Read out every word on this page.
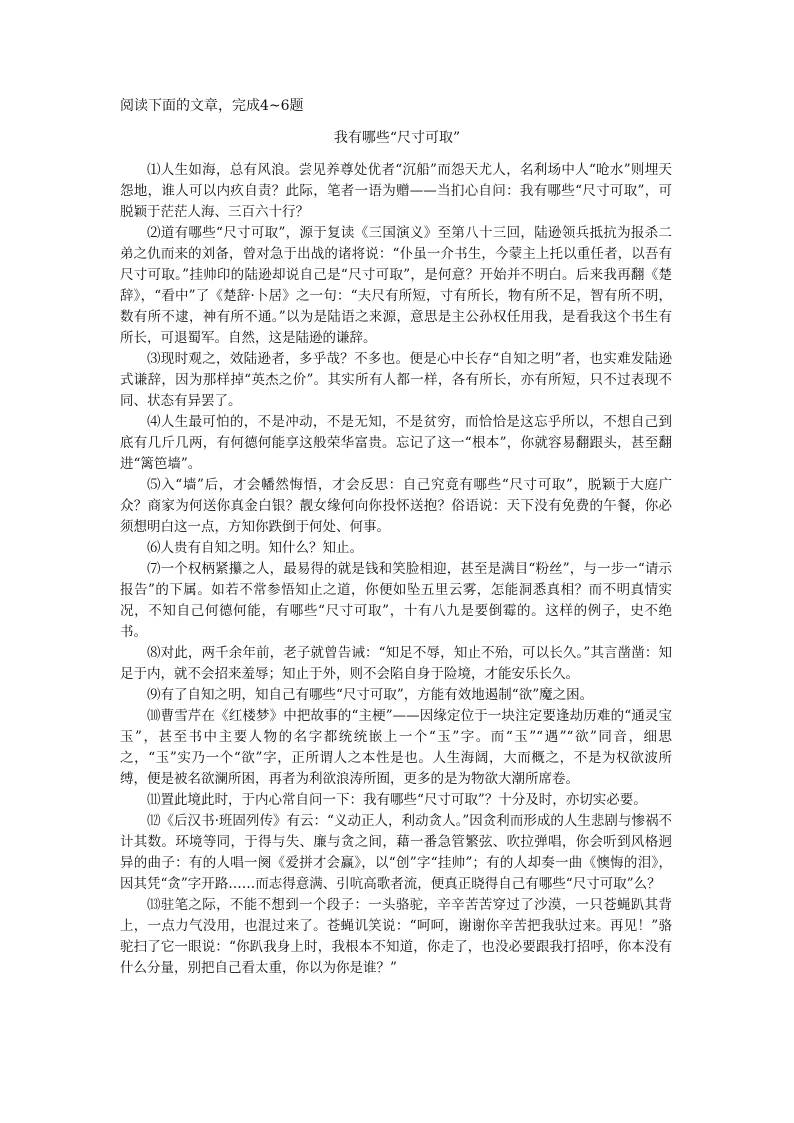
阅读下面的文章，完成4~6题
我有哪些“尺寸可取”

⑴人生如海，总有风浪。尝见养尊处优者“沉船”而怨天尤人，名利场中人“呛水”则埋天怨地，谁人可以内疚自责？此际，笔者一语为赠——当扪心自问：我有哪些“尺寸可取”，可脱颖于茫茫人海、三百六十行？

⑵道有哪些“尺寸可取”，源于复读《三国演义》至第八十三回，陆逊领兵抵抗为报杀二弟之仇而来的刘备，曾对急于出战的诸将说：“仆虽一介书生，今蒙主上托以重任者，以吾有尺寸可取。”挂帅印的陆逊却说自己是“尺寸可取”，是何意？开始并不明白。后来我再翻《楚辞》，“看中”了《楚辞·卜居》之一句：“夫尺有所短，寸有所长，物有所不足，智有所不明，数有所不逮，神有所不通。”以为是陆语之来源，意思是主公孙权任用我，是看我这个书生有所长，可退蜀军。自然，这是陆逊的谦辞。

⑶现时观之，效陆逊者，多乎哉？不多也。便是心中长存“自知之明”者，也实难发陆逊式谦辞，因为那样掉“英杰之价”。其实所有人都一样，各有所长，亦有所短，只不过表现不同、状态有异罢了。

⑷人生最可怕的，不是冲动，不是无知，不是贫穷，而恰恰是这忘乎所以，不想自己到底有几斤几两，有何德何能享这般荣华富贵。忘记了这一“根本”，你就容易翻跟头，甚至翻进“篱笆墙”。

⑸入“墙”后，才会幡然悔悟，才会反思：自己究竟有哪些“尺寸可取”，脱颖于大庭广众？商家为何送你真金白银？靓女缘何向你投怀送抱？俗语说：天下没有免费的午餐，你必须想明白这一点，方知你跌倒于何处、何事。

⑹人贵有自知之明。知什么？知止。

⑺一个权柄紧攥之人，最易得的就是钱和笑脸相迎，甚至是满目“粉丝”，与一步一“请示报告”的下属。如若不常参悟知止之道，你便如坠五里云雾，怎能洞悉真相？而不明真情实况，不知自己何德何能，有哪些“尺寸可取”，十有八九是要倒霉的。这样的例子，史不绝书。

⑻对此，两千余年前，老子就曾告诫：“知足不辱，知止不殆，可以长久。”其言凿凿：知足于内，就不会招来羞辱；知止于外，则不会陷自身于险境，才能安乐长久。

⑼有了自知之明，知自己有哪些“尺寸可取”，方能有效地遏制“欲”魔之困。

⑽曹雪芹在《红楼梦》中把故事的“主梗”——因缘定位于一块注定要逢劫历难的“通灵宝玉”，甚至书中主要人物的名字都统统嵌上一个“玉”字。而“玉”“遇”“欲”同音，细思之，“玉”实乃一个“欲”字，正所谓人之本性是也。人生海阔，大而概之，不是为权欲波所缚，便是被名欲澜所困，再者为利欲浪涛所囿，更多的是为物欲大潮所席卷。

⑾置此境此时，于内心常自问一下：我有哪些“尺寸可取”？十分及时，亦切实必要。

⑿《后汉书·班固列传》有云：“义动正人，利动贪人。”因贪利而形成的人生悲剧与惨祸不计其数。环境等同，于得与失、廉与贪之间，藉一番急管繁弦、吹拉弹唱，你会听到风格迥异的曲子：有的人唱一阕《爱拼才会赢》，以“创”字“挂帅”；有的人却奏一曲《懊悔的泪》，因其凭“贪”字开路……而志得意满、引吭高歌者流，便真正晓得自己有哪些“尺寸可取”么？

⒀驻笔之际，不能不想到一个段子：一头骆驼，辛辛苦苦穿过了沙漠，一只苍蝇趴其背上，一点力气没用，也混过来了。苍蝇讥笑说：“呵呵，谢谢你辛苦把我驮过来。再见！”骆驼扫了它一眼说：“你趴我身上时，我根本不知道，你走了，也没必要跟我打招呼，你本没有什么分量，别把自己看太重，你以为你是谁？”
